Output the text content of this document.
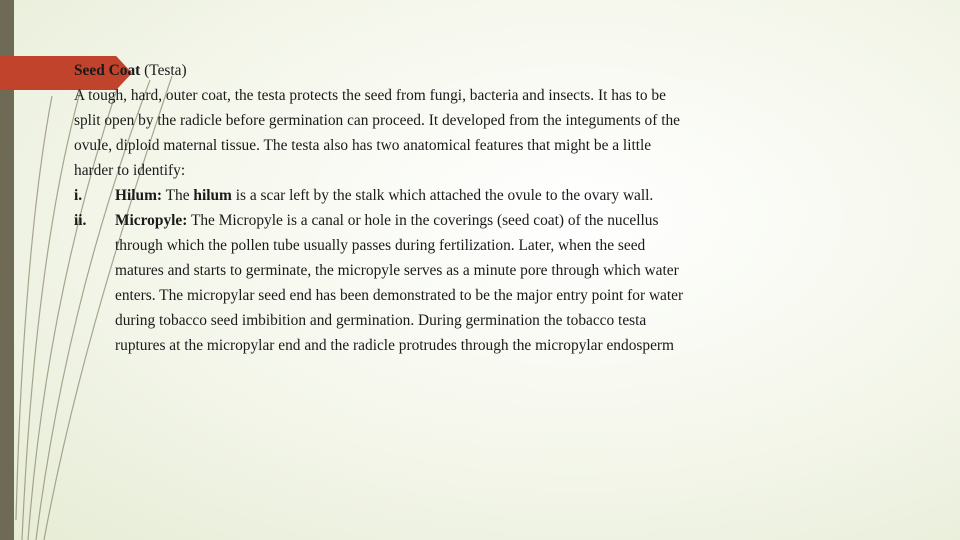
Seed Coat (Testa)
A tough, hard, outer coat, the testa protects the seed from fungi, bacteria and insects. It has to be
split open by the radicle before germination can proceed. It developed from the integuments of the
ovule, diploid maternal tissue. The testa also has two anatomical features that might be a little
harder to identify:
i.	Hilum: The hilum is a scar left by the stalk which attached the ovule to the ovary wall.
ii.	Micropyle: The Micropyle is a canal or hole in the coverings (seed coat) of the nucellus
through which the pollen tube usually passes during fertilization. Later, when the seed
matures and starts to germinate, the micropyle serves as a minute pore through which water
enters. The micropylar seed end has been demonstrated to be the major entry point for water
during tobacco seed imbibition and germination. During germination the tobacco testa
ruptures at the micropylar end and the radicle protrudes through the micropylar endosperm
